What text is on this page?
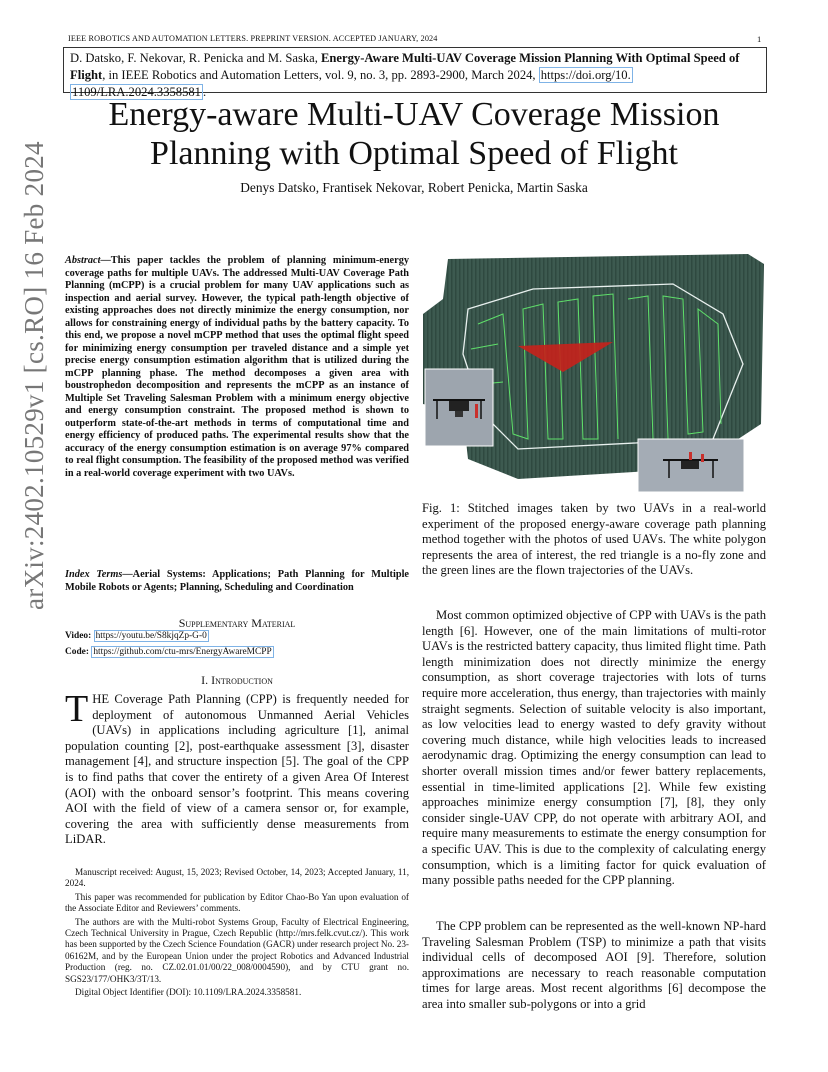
IEEE ROBOTICS AND AUTOMATION LETTERS. PREPRINT VERSION. ACCEPTED JANUARY, 2024	1
D. Datsko, F. Nekovar, R. Penicka and M. Saska, Energy-Aware Multi-UAV Coverage Mission Planning With Optimal Speed of Flight, in IEEE Robotics and Automation Letters, vol. 9, no. 3, pp. 2893-2900, March 2024, https://doi.org/10.
1109/LRA.2024.3358581 .
Energy-aware Multi-UAV Coverage Mission
Planning with Optimal Speed of Flight
Denys Datsko, Frantisek Nekovar, Robert Penicka, Martin Saska
arXiv:2402.10529v1 [cs.RO] 16 Feb 2024	Abstract—This paper tackles the problem of planning minimum-energy coverage paths for multiple UAVs. The addressed Multi-UAV Coverage Path Planning (mCPP) is a crucial problem for many UAV applications such as inspection and aerial survey. However, the typical path-length objective of existing approaches does not directly minimize the energy consumption, nor allows for constraining energy of individual paths by the battery capacity. To this end, we propose a novel mCPP method that uses the optimal flight speed for minimizing energy consumption per traveled distance and a simple yet precise energy consumption estimation algorithm that is utilized during the mCPP planning phase. The method decomposes a given area with boustrophedon decomposition and represents the mCPP as an instance of Multiple Set Traveling Salesman Problem with a minimum energy objective and energy consumption constraint. The proposed method is shown to outperform state-of-the-art methods in terms of computational time and energy efficiency of produced paths. The experimental results show that the accuracy of the energy consumption estimation is on average 97% compared to real flight consumption. The feasibility of the proposed method was verified in a real-world coverage experiment with two UAVs.
Index Terms—Aerial Systems: Applications; Path Planning for Multiple Mobile Robots or Agents; Planning, Scheduling and Coordination
Supplementary Material
Video: https://youtu.be/S8kjqZp-G-0
Code: https://github.com/ctu-mrs/EnergyAwareMCPP
I. Introduction
THE Coverage Path Planning (CPP) is frequently needed for deployment of autonomous Unmanned Aerial Vehicles (UAVs) in applications including agriculture [1], animal population counting [2], post-earthquake assessment [3], disaster management [4], and structure inspection [5]. The goal of the CPP is to find paths that cover the entirety of a given Area Of Interest (AOI) with the onboard sensor’s footprint. This means covering AOI with the field of view of a camera sensor or, for example, covering the area with sufficiently dense measurements from LiDAR.

Manuscript received: August, 15, 2023; Revised October, 14, 2023; Accepted January, 11, 2024.

This paper was recommended for publication by Editor Chao-Bo Yan upon evaluation of the Associate Editor and Reviewers’ comments.

The authors are with the Multi-robot Systems Group, Faculty of Electrical Engineering, Czech Technical University in Prague, Czech Republic (http://mrs.felk.cvut.cz/). This work has been supported by the Czech Science Foundation (GACR) under research project No. 23-06162M, and by the European Union under the project Robotics and Advanced Industrial Production (reg. no. CZ.02.01.01/00/22_008/0004590), and by CTU grant no. SGS23/177/OHK3/3T/13.

Digital Object Identifier (DOI): 10.1109/LRA.2024.3358581.

Fig. 1: Stitched images taken by two UAVs in a real-world experiment of the proposed energy-aware coverage path planning method together with the photos of used UAVs. The white polygon represents the area of interest, the red triangle is a no-fly zone and the green lines are the flown trajectories of the UAVs.
Most common optimized objective of CPP with UAVs is the path length [6]. However, one of the main limitations of multi-rotor UAVs is the restricted battery capacity, thus limited flight time. Path length minimization does not directly minimize the energy consumption, as short coverage trajectories with lots of turns require more acceleration, thus energy, than trajectories with mainly straight segments. Selection of suitable velocity is also important, as low velocities lead to energy wasted to defy gravity without covering much distance, while high velocities leads to increased aerodynamic drag. Optimizing the energy consumption can lead to shorter overall mission times and/or fewer battery replacements, essential in time-limited applications [2]. While few existing approaches minimize energy consumption [7], [8], they only consider single-UAV CPP, do not operate with arbitrary AOI, and require many measurements to estimate the energy consumption for a specific UAV. This is due to the complexity of calculating energy consumption, which is a limiting factor for quick evaluation of many possible paths needed for the CPP planning.
The CPP problem can be represented as the well-known NP-hard Traveling Salesman Problem (TSP) to minimize a path that visits individual cells of decomposed AOI [9]. Therefore, solution approximations are necessary to reach reasonable computation times for large areas. Most recent algorithms [6] decompose the area into smaller sub-polygons or into a grid
